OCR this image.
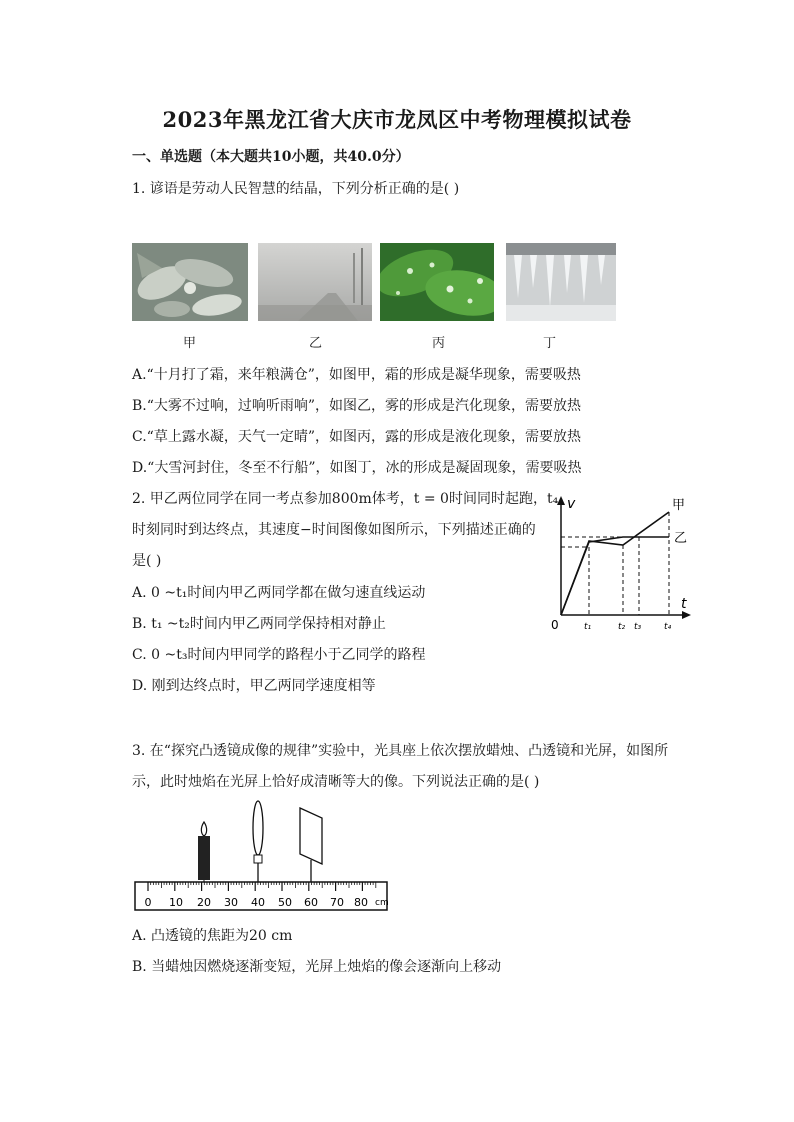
2023年黑龙江省大庆市龙凤区中考物理模拟试卷
一、单选题（本大题共10小题，共40.0分）
1. 谚语是劳动人民智慧的结晶，下列分析正确的是( )
甲	乙	丙	丁
A.“十月打了霜，来年粮满仓”，如图甲，霜的形成是凝华现象，需要吸热
B.“大雾不过响，过响听雨响”，如图乙，雾的形成是汽化现象，需要放热
C.“草上露水凝，天气一定晴”，如图丙，露的形成是液化现象，需要放热
D.“大雪河封住，冬至不行船”，如图丁，冰的形成是凝固现象，需要吸热
2. 甲乙两位同学在同一考点参加800m体考，t = 0时间同时起跑，t₄
时刻同时到达终点，其速度−时间图像如图所示，下列描述正确的
是( )
A. 0 ~t₁时间内甲乙两同学都在做匀速直线运动
B. t₁ ~t₂时间内甲乙两同学保持相对静止
C. 0 ~t₃时间内甲同学的路程小于乙同学的路程
D. 刚到达终点时，甲乙两同学速度相等
v
t
0
甲
乙
t₁	t₂ t₃	t₄
3. 在“探究凸透镜成像的规律”实验中，光具座上依次摆放蜡烛、凸透镜和光屏，如图所
示，此时烛焰在光屏上恰好成清晰等大的像。下列说法正确的是( )
0 10 20 30 40 50 60 70 80 cm
A. 凸透镜的焦距为20 cm
B. 当蜡烛因燃烧逐渐变短，光屏上烛焰的像会逐渐向上移动
